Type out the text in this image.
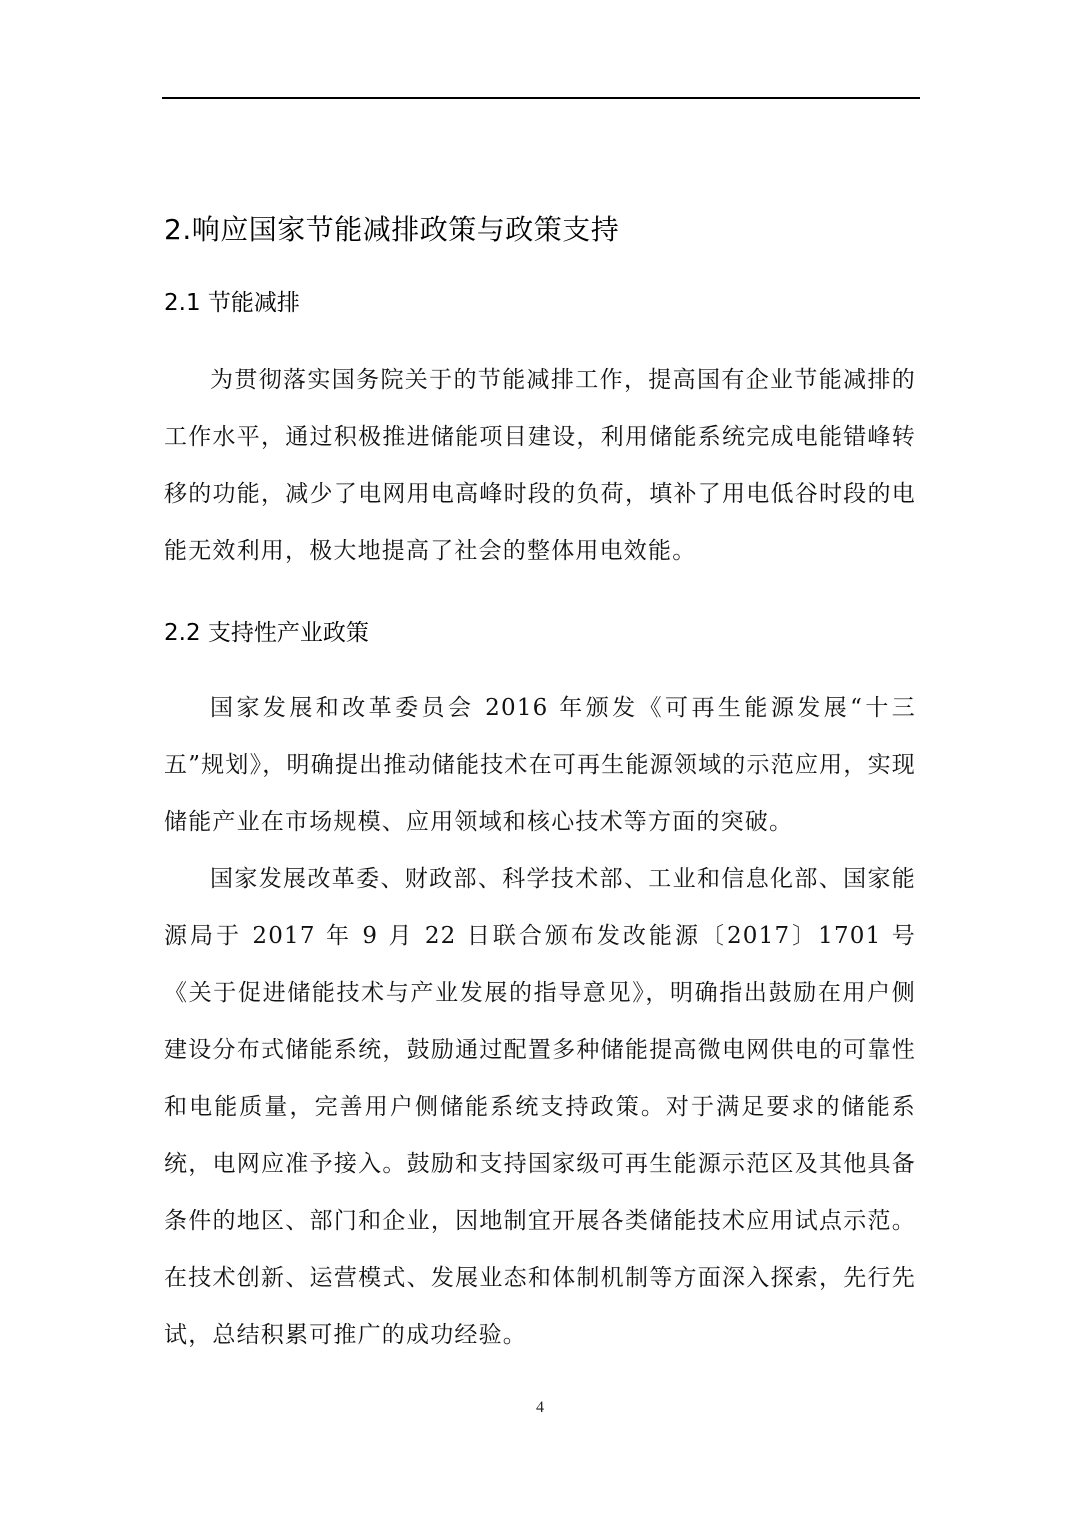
2.响应国家节能减排政策与政策支持
2.1 节能减排

为贯彻落实国务院关于的节能减排工作，提高国有企业节能减排的工作水平，通过积极推进储能项目建设，利用储能系统完成电能错峰转移的功能，减少了电网用电高峰时段的负荷，填补了用电低谷时段的电能无效利用，极大地提高了社会的整体用电效能。

2.2 支持性产业政策

国家发展和改革委员会 2016 年颁发《可再生能源发展“十三五”规划》，明确提出推动储能技术在可再生能源领域的示范应用，实现储能产业在市场规模、应用领域和核心技术等方面的突破。

国家发展改革委、财政部、科学技术部、工业和信息化部、国家能源局于 2017 年 9 月 22 日联合颁布发改能源〔2017〕1701 号《关于促进储能技术与产业发展的指导意见》，明确指出鼓励在用户侧建设分布式储能系统，鼓励通过配置多种储能提高微电网供电的可靠性和电能质量，完善用户侧储能系统支持政策。对于满足要求的储能系统，电网应准予接入。鼓励和支持国家级可再生能源示范区及其他具备条件的地区、部门和企业，因地制宜开展各类储能技术应用试点示范。在技术创新、运营模式、发展业态和体制机制等方面深入探索，先行先试，总结积累可推广的成功经验。

4
